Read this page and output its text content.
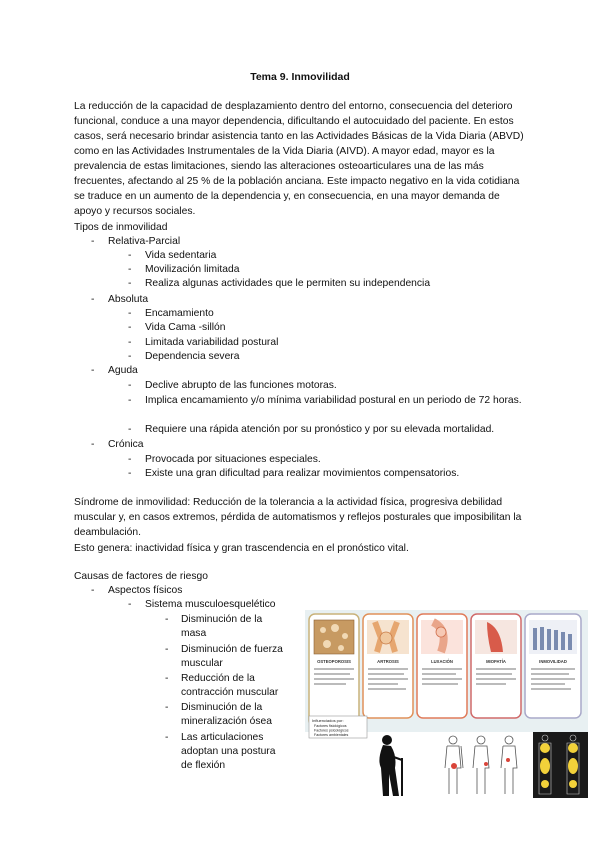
Tema 9. Inmovilidad

La reducción de la capacidad de desplazamiento dentro del entorno, consecuencia del deterioro funcional, conduce a una mayor dependencia, dificultando el autocuidado del paciente. En estos casos, será necesario brindar asistencia tanto en las Actividades Básicas de la Vida Diaria (ABVD) como en las Actividades Instrumentales de la Vida Diaria (AIVD). A mayor edad, mayor es la prevalencia de estas limitaciones, siendo las alteraciones osteoarticulares una de las más frecuentes, afectando al 25 % de la población anciana. Este impacto negativo en la vida cotidiana se traduce en un aumento de la dependencia y, en consecuencia, en una mayor demanda de apoyo y recursos sociales.

Tipos de inmovilidad
- Relativa-Parcial
- Vida sedentaria
- Movilización limitada
- Realiza algunas actividades que le permiten su independencia
- Absoluta
- Encamamiento
- Vida Cama -sillón
- Limitada variabilidad postural
- Dependencia severa
- Aguda
- Declive abrupto de las funciones motoras.
- Implica encamamiento y/o mínima variabilidad postural en un periodo de 72 horas.
- Requiere una rápida atención por su pronóstico y por su elevada mortalidad.
- Crónica
- Provocada por situaciones especiales.
- Existe una gran dificultad para realizar movimientos compensatorios.

Síndrome de inmovilidad: Reducción de la tolerancia a la actividad física, progresiva debilidad muscular y, en casos extremos, pérdida de automatismos y reflejos posturales que imposibilitan la deambulación.

Esto genera: inactividad física y gran trascendencia en el pronóstico vital.

Causas de factores de riesgo
- Aspectos físicos
- Sistema musculoesquelético
- Disminución de la masa
- Disminución de fuerza muscular
- Reducción de la contracción muscular
- Disminución de la mineralización ósea
- Las articulaciones adoptan una postura de flexión
OSTEOPOROSIS	ARTROSIS	LUXACIÓN	MIOPATÍA	INMOVILIDAD
Influenciados por:
Factores fisiológicos
Factores psicológicos
Factores ambientales
